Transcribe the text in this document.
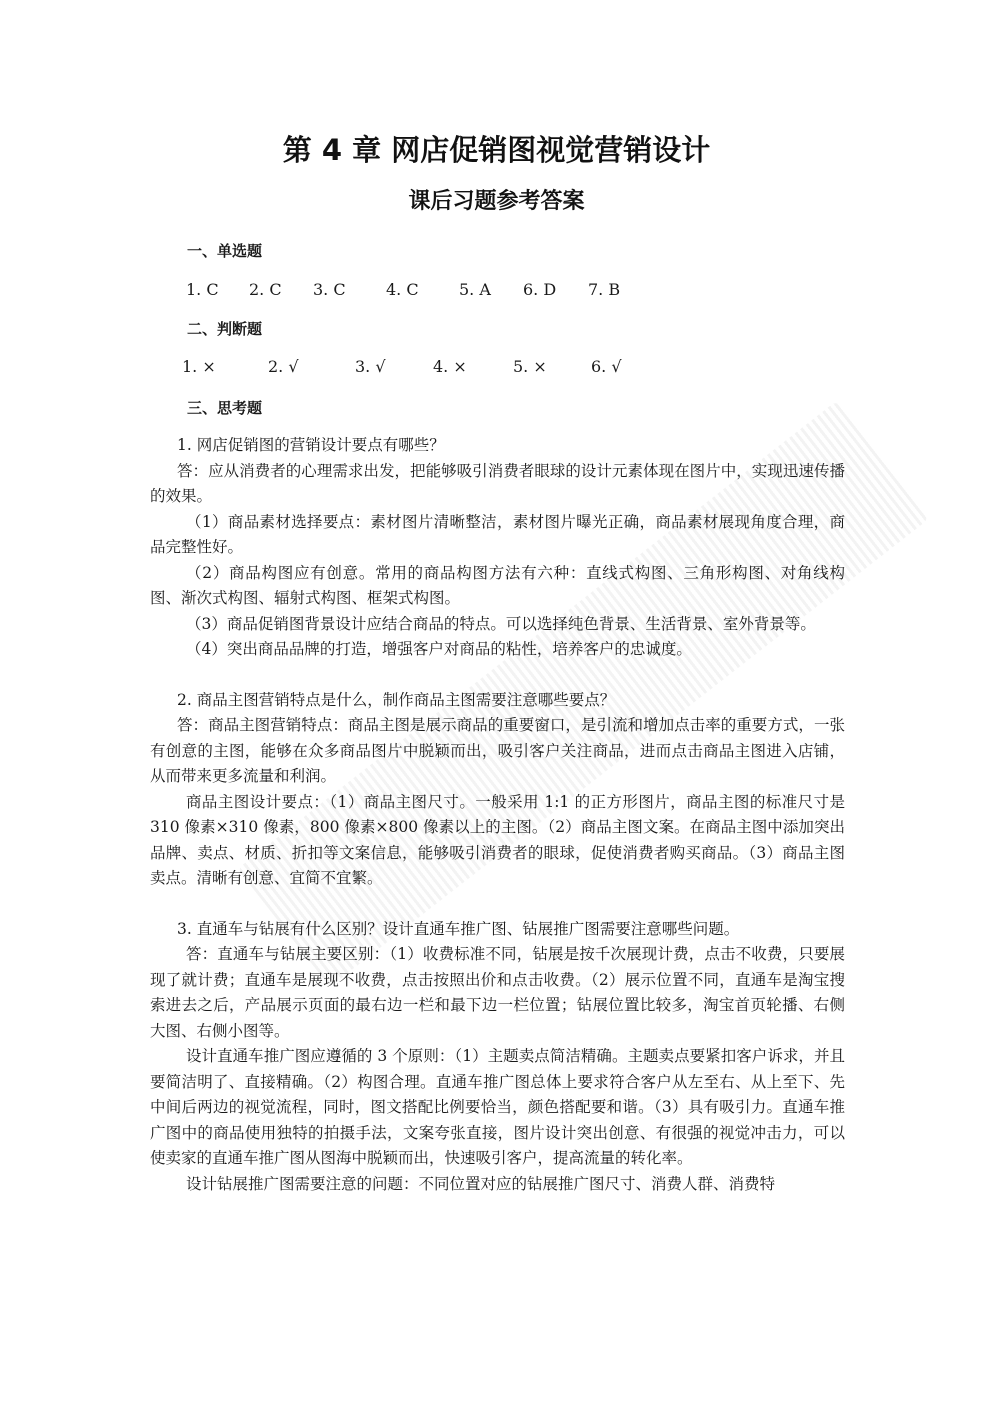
第 4 章 网店促销图视觉营销设计
课后习题参考答案
一、单选题
1. C 2. C 3. C	4. C	5. A 6. D 7. B
二、判断题
1. ×	2. √	3. √	4. ×	5. ×	6. √
三、思考题

1. 网店促销图的营销设计要点有哪些？

答：应从消费者的心理需求出发，把能够吸引消费者眼球的设计元素体现在图片中，实现迅速传播的效果。

（1）商品素材选择要点：素材图片清晰整洁，素材图片曝光正确，商品素材展现角度合理，商品完整性好。

（2）商品构图应有创意。常用的商品构图方法有六种：直线式构图、三角形构图、对角线构图、渐次式构图、辐射式构图、框架式构图。

（3）商品促销图背景设计应结合商品的特点。可以选择纯色背景、生活背景、室外背景等。

（4）突出商品品牌的打造，增强客户对商品的粘性，培养客户的忠诚度。

2. 商品主图营销特点是什么，制作商品主图需要注意哪些要点？

答：商品主图营销特点：商品主图是展示商品的重要窗口，是引流和增加点击率的重要方式，一张有创意的主图，能够在众多商品图片中脱颖而出，吸引客户关注商品，进而点击商品主图进入店铺，从而带来更多流量和利润。

商品主图设计要点：（1）商品主图尺寸。一般采用 1:1 的正方形图片，商品主图的标准尺寸是 310 像素×310 像素，800 像素×800 像素以上的主图。（2）商品主图文案。在商品主图中添加突出品牌、卖点、材质、折扣等文案信息，能够吸引消费者的眼球，促使消费者购买商品。（3）商品主图卖点。清晰有创意、宜简不宜繁。

3. 直通车与钻展有什么区别？设计直通车推广图、钻展推广图需要注意哪些问题。

答：直通车与钻展主要区别：（1）收费标准不同，钻展是按千次展现计费，点击不收费，只要展现了就计费；直通车是展现不收费，点击按照出价和点击收费。（2）展示位置不同，直通车是淘宝搜索进去之后，产品展示页面的最右边一栏和最下边一栏位置；钻展位置比较多，淘宝首页轮播、右侧大图、右侧小图等。

设计直通车推广图应遵循的 3 个原则：（1）主题卖点简洁精确。主题卖点要紧扣客户诉求，并且要简洁明了、直接精确。（2）构图合理。直通车推广图总体上要求符合客户从左至右、从上至下、先中间后两边的视觉流程，同时，图文搭配比例要恰当，颜色搭配要和谐。（3）具有吸引力。直通车推广图中的商品使用独特的拍摄手法，文案夸张直接，图片设计突出创意、有很强的视觉冲击力，可以使卖家的直通车推广图从图海中脱颖而出，快速吸引客户，提高流量的转化率。

设计钻展推广图需要注意的问题：不同位置对应的钻展推广图尺寸、消费人群、消费特
